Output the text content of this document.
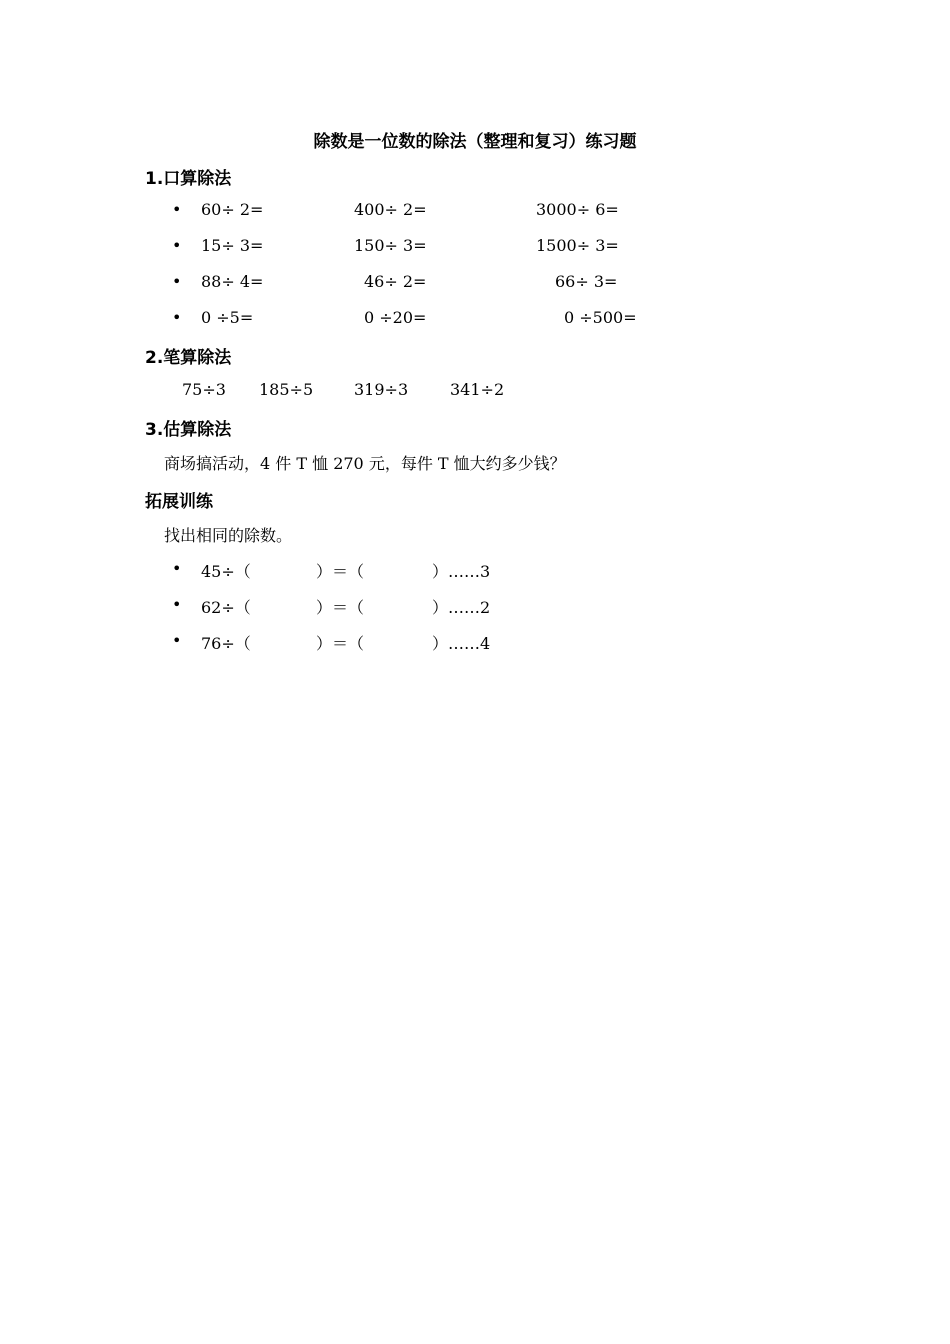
除数是一位数的除法（整理和复习）练习题
1.口算除法
• 60÷ 2=	400÷ 2=	3000÷ 6=
• 15÷ 3=	150÷ 3=	1500÷ 3=
• 88÷ 4=	46÷ 2=	66÷ 3=
• 0 ÷5=	0 ÷20=	0 ÷500=
2.笔算除法
75÷3 185÷5	319÷3	341÷2
3.估算除法
商场搞活动，4 件 T 恤 270 元，每件 T 恤大约多少钱？
拓展训练
找出相同的除数。
• 45÷（	）＝（	）……3
• 62÷（	）＝（	）……2
• 76÷（	）＝（	）……4
